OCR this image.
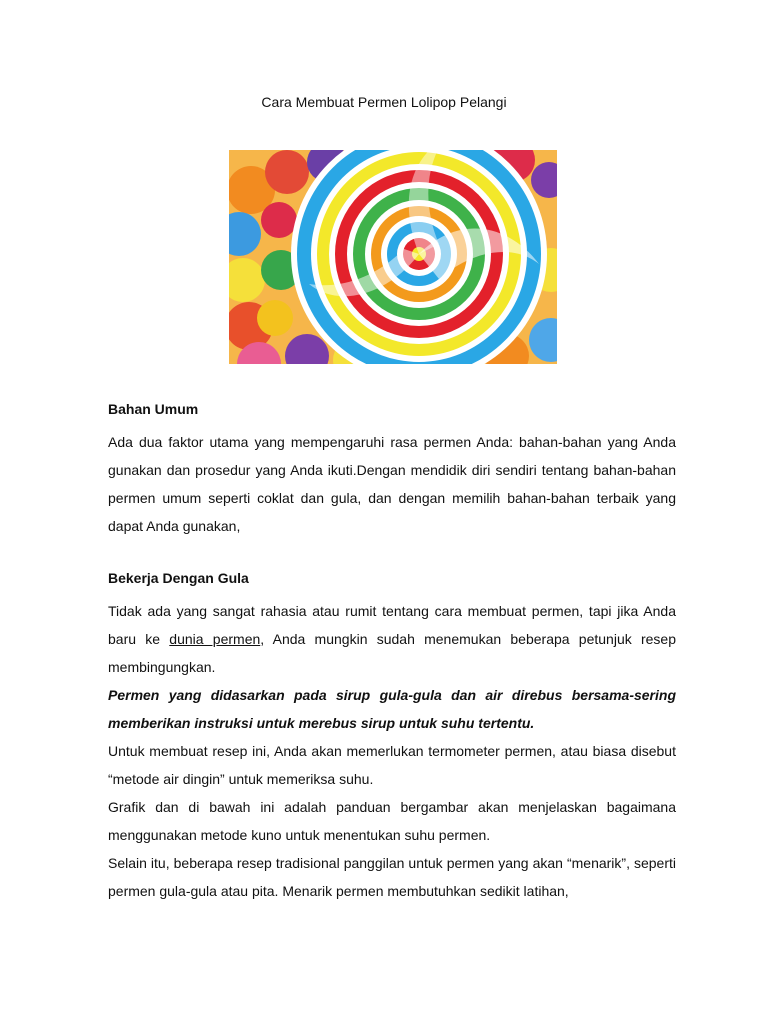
Cara Membuat Permen Lolipop Pelangi

Bahan Umum

Ada dua faktor utama yang mempengaruhi rasa permen Anda: bahan-bahan yang Anda gunakan dan prosedur yang Anda ikuti.Dengan mendidik diri sendiri tentang bahan-bahan permen umum seperti coklat dan gula, dan dengan memilih bahan-bahan terbaik yang dapat Anda gunakan,

Bekerja Dengan Gula

Tidak ada yang sangat rahasia atau rumit tentang cara membuat permen, tapi jika Anda baru ke dunia permen, Anda mungkin sudah menemukan beberapa petunjuk resep membingungkan.

Permen yang didasarkan pada sirup gula-gula dan air direbus bersama-sering memberikan instruksi untuk merebus sirup untuk suhu tertentu.

Untuk membuat resep ini, Anda akan memerlukan termometer permen, atau biasa disebut “metode air dingin” untuk memeriksa suhu.

Grafik dan di bawah ini adalah panduan bergambar akan menjelaskan bagaimana menggunakan metode kuno untuk menentukan suhu permen.

Selain itu, beberapa resep tradisional panggilan untuk permen yang akan “menarik”, seperti permen gula-gula atau pita. Menarik permen membutuhkan sedikit latihan,
